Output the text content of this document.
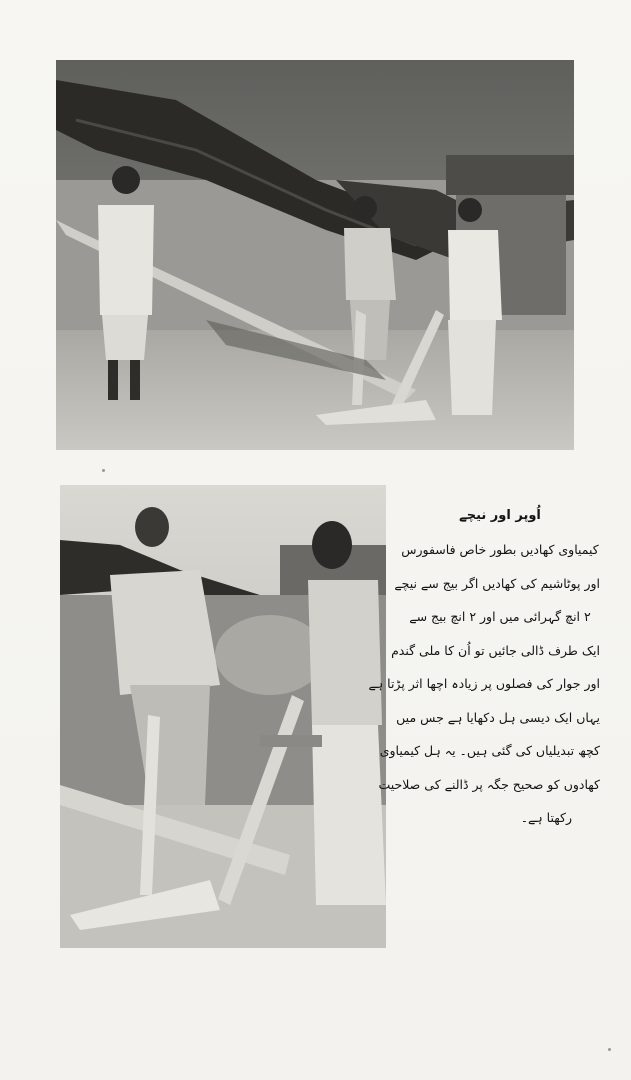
اُوپر اور نیچے

کیمیاوی کھادیں بطور خاص فاسفورس

اور پوٹاشیم کی کھادیں اگر بیج سے نیچے

۲ انچ گہرائی میں اور ۲ انچ بیج سے

ایک طرف ڈالی جائیں تو اُن کا ملی گندم

اور جوار کی فصلوں پر زیادہ اچھا اثر پڑتا ہے

یہاں ایک دیسی ہل دکھایا ہے جس میں

کچھ تبدیلیاں کی گئی ہیں۔ یہ ہل کیمیاوی

کھادوں کو صحیح جگہ پر ڈالنے کی صلاحیت

رکھتا ہے۔
